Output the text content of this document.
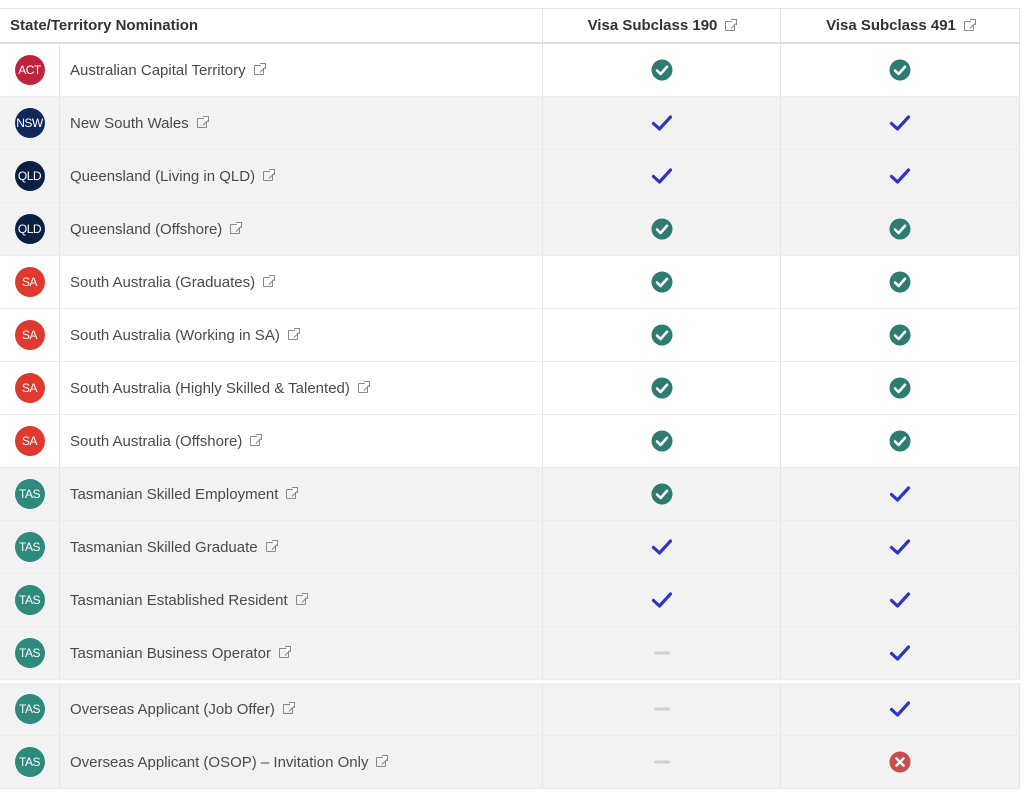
State/Territory Nomination	Visa Subclass 190	Visa Subclass 491
ACT Australian Capital Territory
NSW New South Wales
QLD Queensland (Living in QLD)
QLD Queensland (Offshore)
SA South Australia (Graduates)
SA South Australia (Working in SA)
SA South Australia (Highly Skilled & Talented)
SA South Australia (Offshore)
TAS Tasmanian Skilled Employment
TAS Tasmanian Skilled Graduate
TAS Tasmanian Established Resident
TAS Tasmanian Business Operator
TAS Overseas Applicant (Job Offer)
TAS Overseas Applicant (OSOP) – Invitation Only
